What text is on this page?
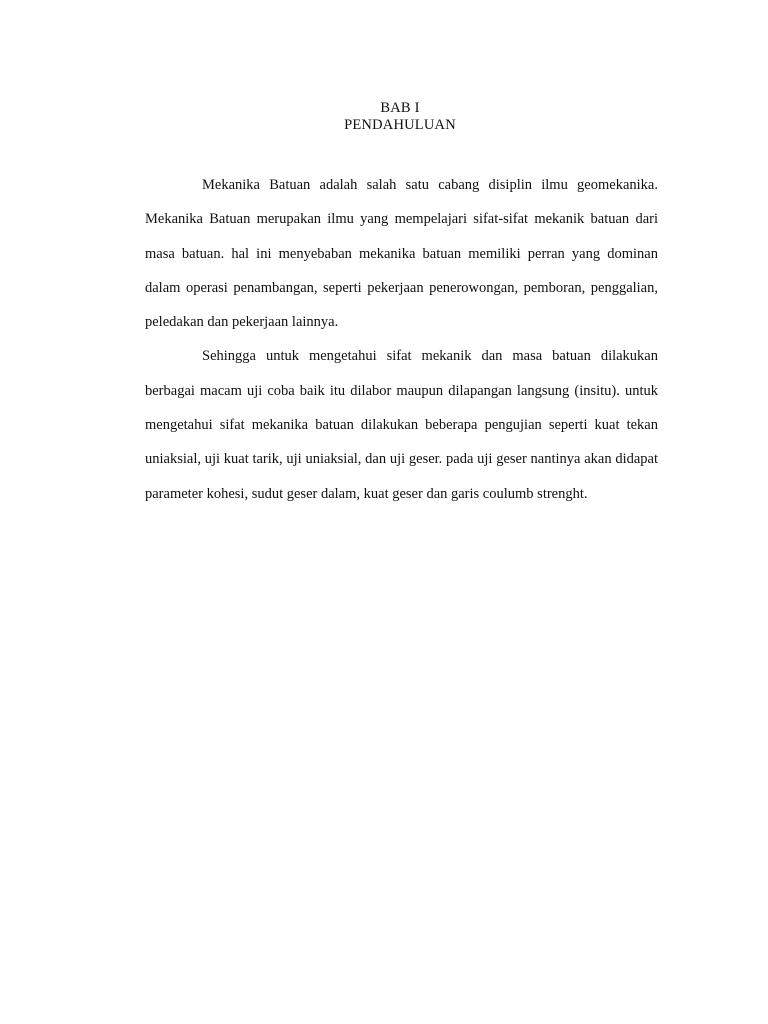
BAB I
PENDAHULUAN

Mekanika Batuan adalah salah satu cabang disiplin ilmu geomekanika. Mekanika Batuan merupakan ilmu yang mempelajari sifat-sifat mekanik batuan dari masa batuan. hal ini menyebaban mekanika batuan memiliki perran yang dominan dalam operasi penambangan, seperti pekerjaan penerowongan, pemboran, penggalian, peledakan dan pekerjaan lainnya.

Sehingga untuk mengetahui sifat mekanik dan masa batuan dilakukan berbagai macam uji coba baik itu dilabor maupun dilapangan langsung (insitu). untuk mengetahui sifat mekanika batuan dilakukan beberapa pengujian seperti kuat tekan uniaksial, uji kuat tarik, uji uniaksial, dan uji geser. pada uji geser nantinya akan didapat parameter kohesi, sudut geser dalam, kuat geser dan garis coulumb strenght.
